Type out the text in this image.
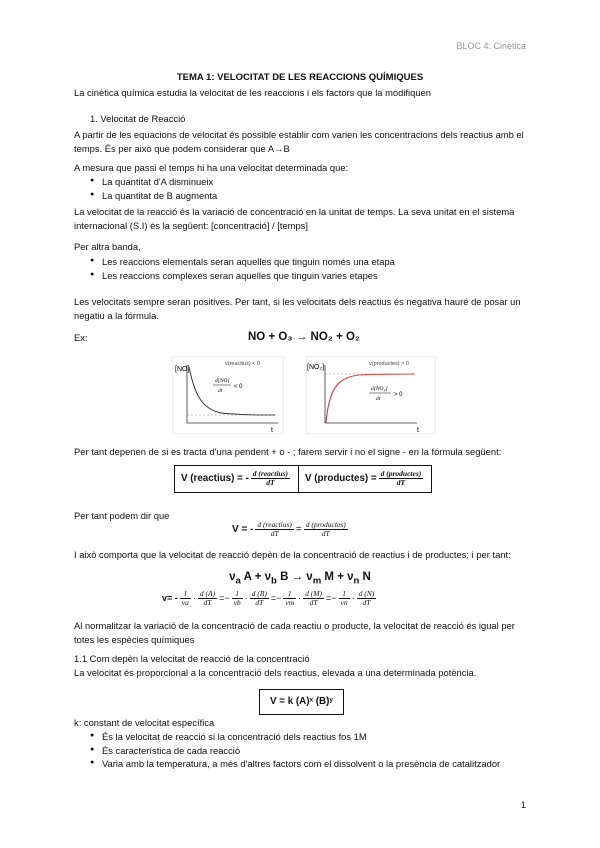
BLOC 4: Cinètica
TEMA 1: VELOCITAT DE LES REACCIONS QUÍMIQUES
La cinètica química estudia la velocitat de les reaccions i els factors que la modifiquen
1. Velocitat de Reacció
A partir de les equacions de velocitat és possible establir com varien les concentracions dels reactius amb el temps. És per això que podem considerar que A→B
A mesura que passi el temps hi ha una velocitat determinada que:
● La quantitat d'A disminueix
● La quantitat de B augmenta
La velocitat de la reacció és la variació de concentració en la unitat de temps. La seva unitat en el sistema internacional (S.I) és la següent: [concentració] / [temps]
Per altra banda,
● Les reaccions elementals seran aquelles que tinguin només una etapa
● Les reaccions complexes seran aquelles que tinguin varies etapes
Les velocitats sempre seran positives. Per tant, si les velocitats dels reactius és negativa hauré de posar un negatiu a la fórmula.
Ex:	NO + O₃ → NO₂ + O₂
[NO]
v(reactius) < 0
d[NO]
dt
< 0
t
[NO₂]	v(productes) > 0
d[NO₂]
dt
> 0
t
Per tant depenen de si es tracta d'una pendent + o - ; farem servir i no el signe - en la fórmula següent:
V (reactius) = - $\frac{\text{d (reactius)}}{dT}$ V (productes) = $\frac{\text{d (productes)}}{dT}$
Per tant podem dir que
V = - $\frac{\text{d (reactius)}}{dT} = \frac{\text{d (productes)}}{dT}$
I això comporta que la velocitat de reacció depèn de la concentració de reactius i de productes; i per tant:
$\nu_a$ $A + \nu_b$ $B \to \nu_m$ $M + \nu_n$ N
$v= - \frac{1}{va} \cdot \frac{d (A)}{dT} =- \frac{1}{vb} \cdot \frac{d (B)}{dT} =- \frac{1}{vm} \cdot \frac{d (M)}{dT} =- \frac{1}{vn} \cdot \frac{d (N)}{dT}$
Al normalitzar la variació de la concentració de cada reactiu o producte, la velocitat de reacció és igual per totes les espècies químiques
1.1 Com depèn la velocitat de reacció de la concentració
La velocitat és proporcional a la concentració dels reactius, elevada a una determinada potència.
V = k (A)ˣ (B)ʸ
k: constant de velocitat específica
● És la velocitat de reacció si la concentració dels reactius fos 1M
● És característica de cada reacció
● Varia amb la temperatura, a més d'altres factors com el dissolvent o la presència de catalitzador
1
